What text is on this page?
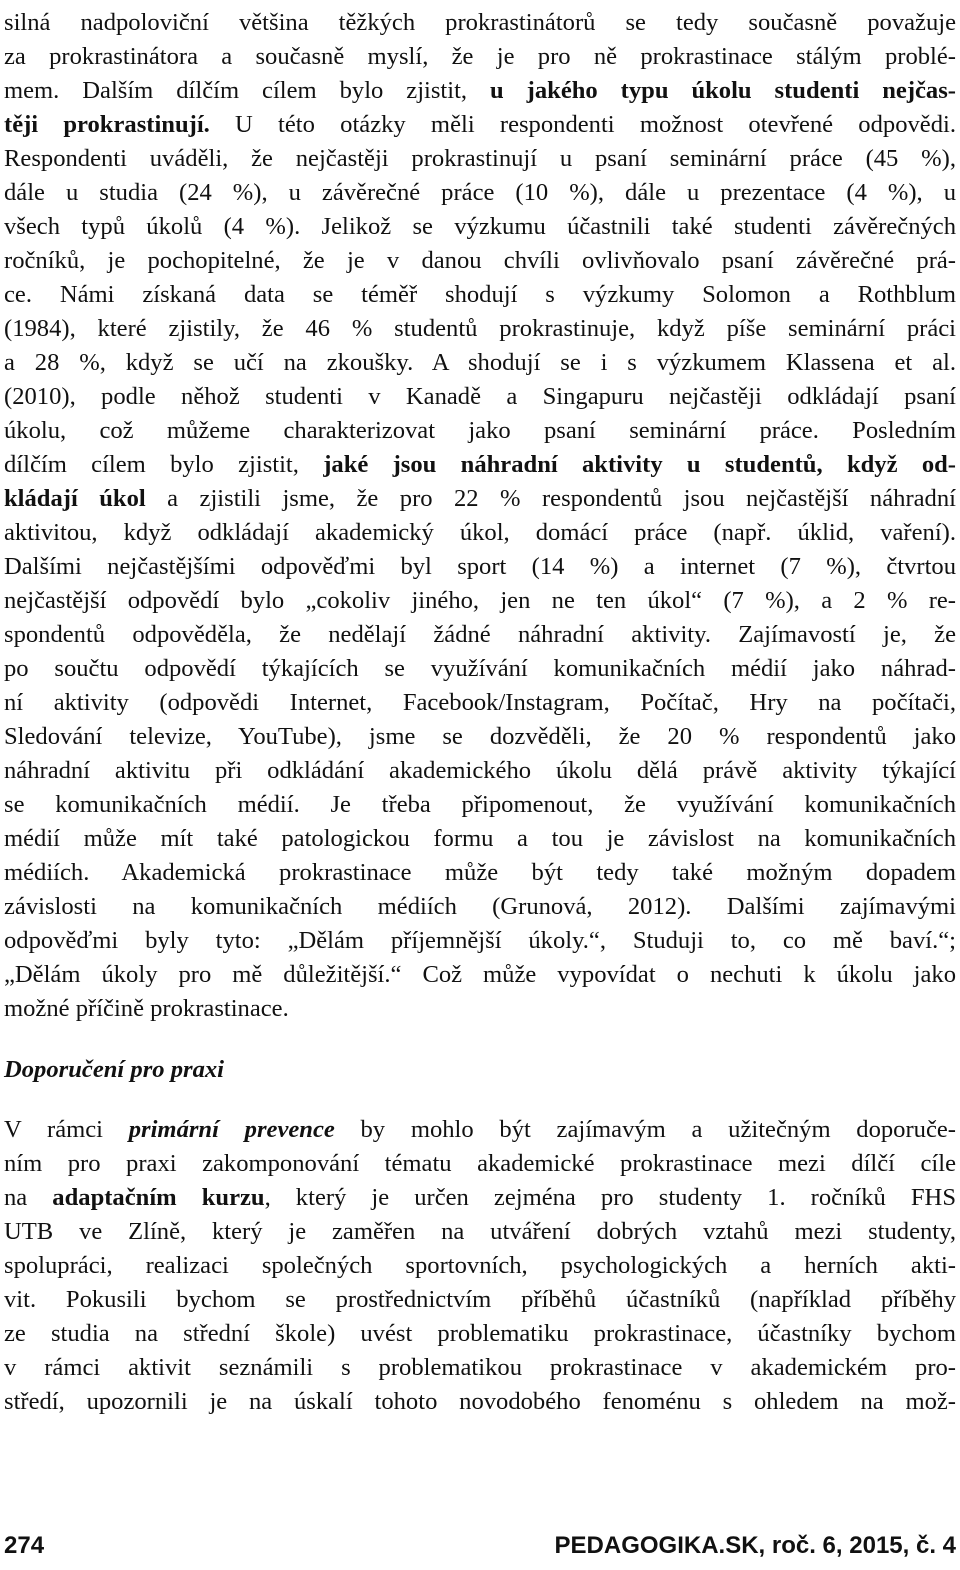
silná nadpoloviční většina těžkých prokrastinátorů se tedy současně považuje
za prokrastinátora a současně myslí, že je pro ně prokrastinace stálým problé-
mem. Dalším dílčím cílem bylo zjistit, u jakého typu úkolu studenti nejčas-
těji prokrastinují. U této otázky měli respondenti možnost otevřené odpovědi.
Respondenti uváděli, že nejčastěji prokrastinují u psaní seminární práce (45 %),
dále u studia (24 %), u závěrečné práce (10 %), dále u prezentace (4 %), u
všech typů úkolů (4 %). Jelikož se výzkumu účastnili také studenti závěrečných
ročníků, je pochopitelné, že je v danou chvíli ovlivňovalo psaní závěrečné prá-
ce. Námi získaná data se téměř shodují s výzkumy Solomon a Rothblum
(1984), které zjistily, že 46 % studentů prokrastinuje, když píše seminární práci
a 28 %, když se učí na zkoušky. A shodují se i s výzkumem Klassena et al.
(2010), podle něhož studenti v Kanadě a Singapuru nejčastěji odkládají psaní
úkolu, což můžeme charakterizovat jako psaní seminární práce. Posledním
dílčím cílem bylo zjistit, jaké jsou náhradní aktivity u studentů, když od-
kládají úkol a zjistili jsme, že pro 22 % respondentů jsou nejčastější náhradní
aktivitou, když odkládají akademický úkol, domácí práce (např. úklid, vaření).
Dalšími nejčastějšími odpověďmi byl sport (14 %) a internet (7 %), čtvrtou
nejčastější odpovědí bylo „cokoliv jiného, jen ne ten úkol“ (7 %), a 2 % re-
spondentů odpověděla, že nedělají žádné náhradní aktivity. Zajímavostí je, že
po součtu odpovědí týkajících se využívání komunikačních médií jako náhrad-
ní aktivity (odpovědi Internet, Facebook/Instagram, Počítač, Hry na počítači,
Sledování televize, YouTube), jsme se dozvěděli, že 20 % respondentů jako
náhradní aktivitu při odkládání akademického úkolu dělá právě aktivity týkající
se komunikačních médií. Je třeba připomenout, že využívání komunikačních
médií může mít také patologickou formu a tou je závislost na komunikačních
médiích. Akademická prokrastinace může být tedy také možným dopadem
závislosti na komunikačních médiích (Grunová, 2012). Dalšími zajímavými
odpověďmi byly tyto: „Dělám příjemnější úkoly.“, Studuji to, co mě baví.“;
„Dělám úkoly pro mě důležitější.“ Což může vypovídat o nechuti k úkolu jako
možné příčině prokrastinace.
Doporučení pro praxi
V rámci primární prevence by mohlo být zajímavým a užitečným doporuče-
ním pro praxi zakomponování tématu akademické prokrastinace mezi dílčí cíle
na adaptačním kurzu, který je určen zejména pro studenty 1. ročníků FHS
UTB ve Zlíně, který je zaměřen na utváření dobrých vztahů mezi studenty,
spolupráci, realizaci společných sportovních, psychologických a herních akti-
vit. Pokusili bychom se prostřednictvím příběhů účastníků (například příběhy
ze studia na střední škole) uvést problematiku prokrastinace, účastníky bychom
v rámci aktivit seznámili s problematikou prokrastinace v akademickém pro-
středí, upozornili je na úskalí tohoto novodobého fenoménu s ohledem na mož-
274	PEDAGOGIKA.SK, roč. 6, 2015, č. 4
